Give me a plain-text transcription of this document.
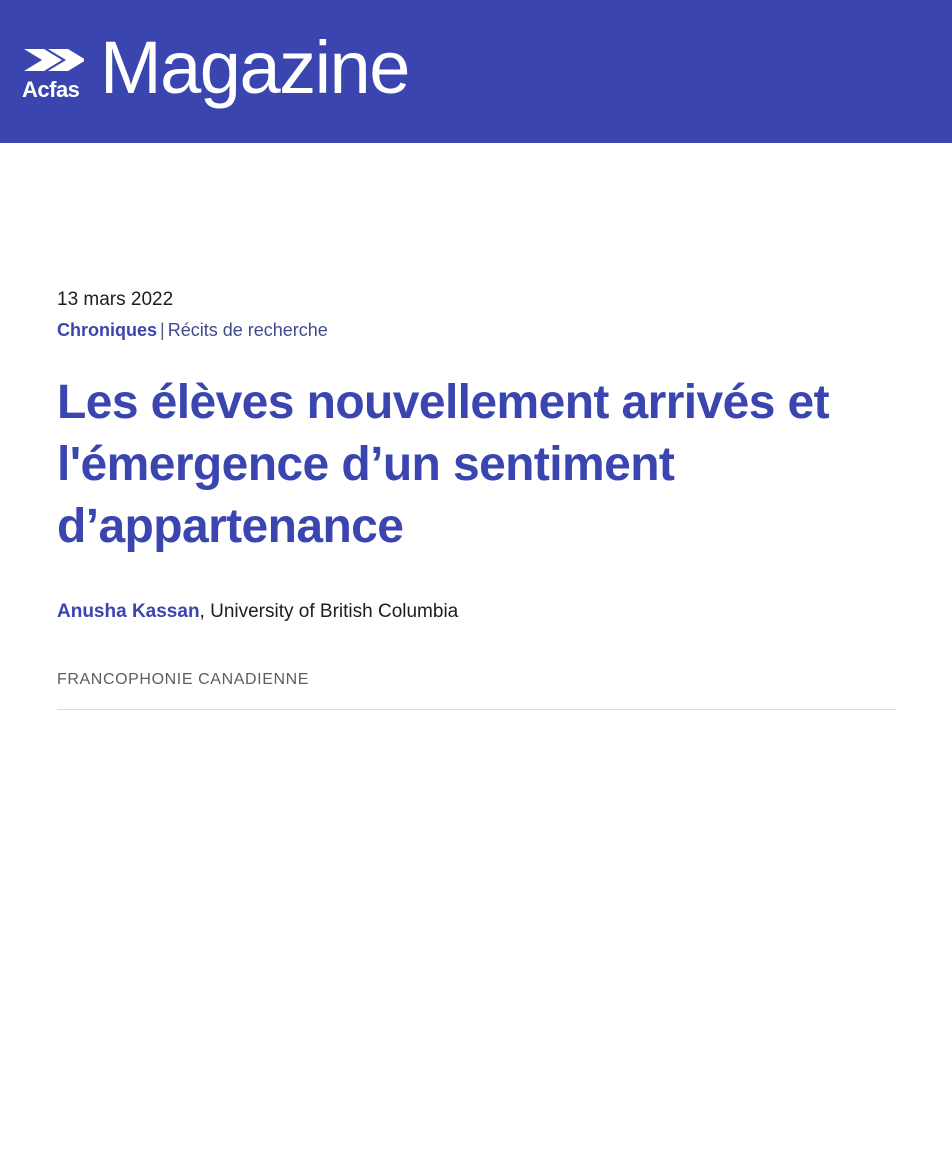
Acfas Magazine
13 mars 2022
Chroniques | Récits de recherche
Les élèves nouvellement arrivés et l'émergence d’un sentiment d’appartenance
Anusha Kassan, University of British Columbia
FRANCOPHONIE CANADIENNE
